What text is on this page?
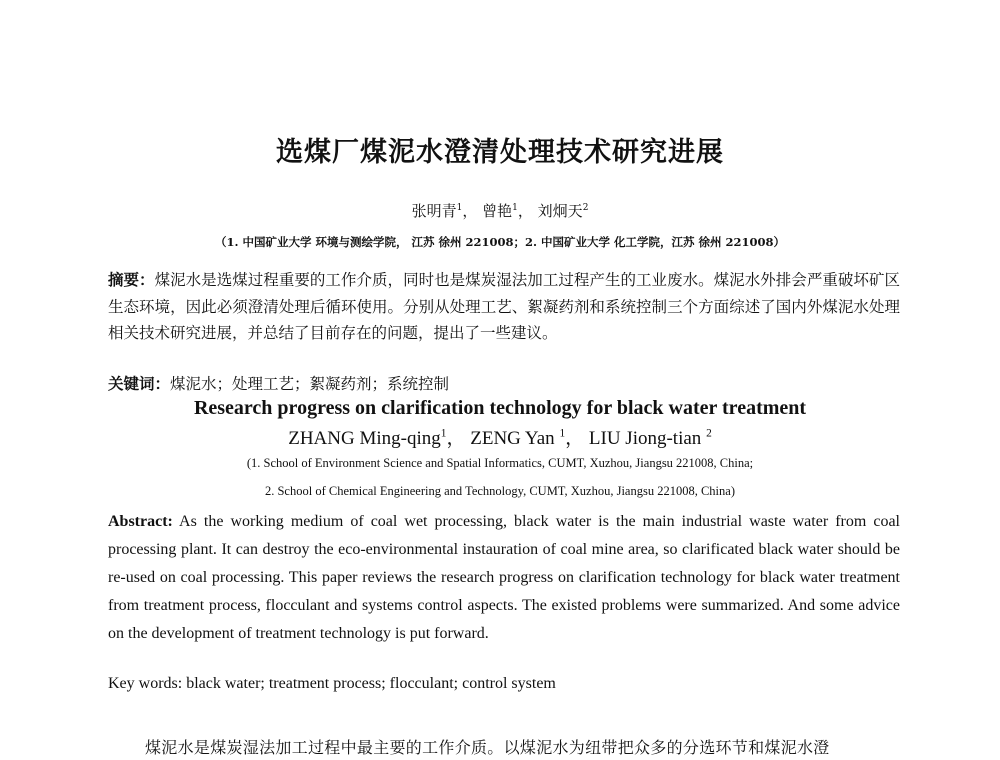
选煤厂煤泥水澄清处理技术研究进展
张明青$^1$， 曾艳$^1$， 刘炯天$^2$
（1. 中国矿业大学 环境与测绘学院， 江苏 徐州 221008；2. 中国矿业大学 化工学院，江苏 徐州 221008）
摘要：煤泥水是选煤过程重要的工作介质，同时也是煤炭湿法加工过程产生的工业废水。煤泥水外排会严重破坏矿区生态环境，因此必须澄清处理后循环使用。分别从处理工艺、絮凝药剂和系统控制三个方面综述了国内外煤泥水处理相关技术研究进展，并总结了目前存在的问题，提出了一些建议。
关键词：煤泥水；处理工艺；絮凝药剂；系统控制
Research progress on clarification technology for black water treatment
ZHANG Ming-qing$^1$， ZENG Yan $^1$， LIU Jiong-tian $^2$
(1. School of Environment Science and Spatial Informatics, CUMT, Xuzhou, Jiangsu 221008, China;
2. School of Chemical Engineering and Technology, CUMT, Xuzhou, Jiangsu 221008, China)
Abstract: As the working medium of coal wet processing, black water is the main industrial waste water from coal processing plant. It can destroy the eco-environmental instauration of coal mine area, so clarificated black water should be re-used on coal processing. This paper reviews the research progress on clarification technology for black water treatment from treatment process, flocculant and systems control aspects. The existed problems were summarized. And some advice on the development of treatment technology is put forward.
Key words: black water; treatment process; flocculant; control system
煤泥水是煤炭湿法加工过程中最主要的工作介质。以煤泥水为纽带把众多的分选环节和煤泥水澄
